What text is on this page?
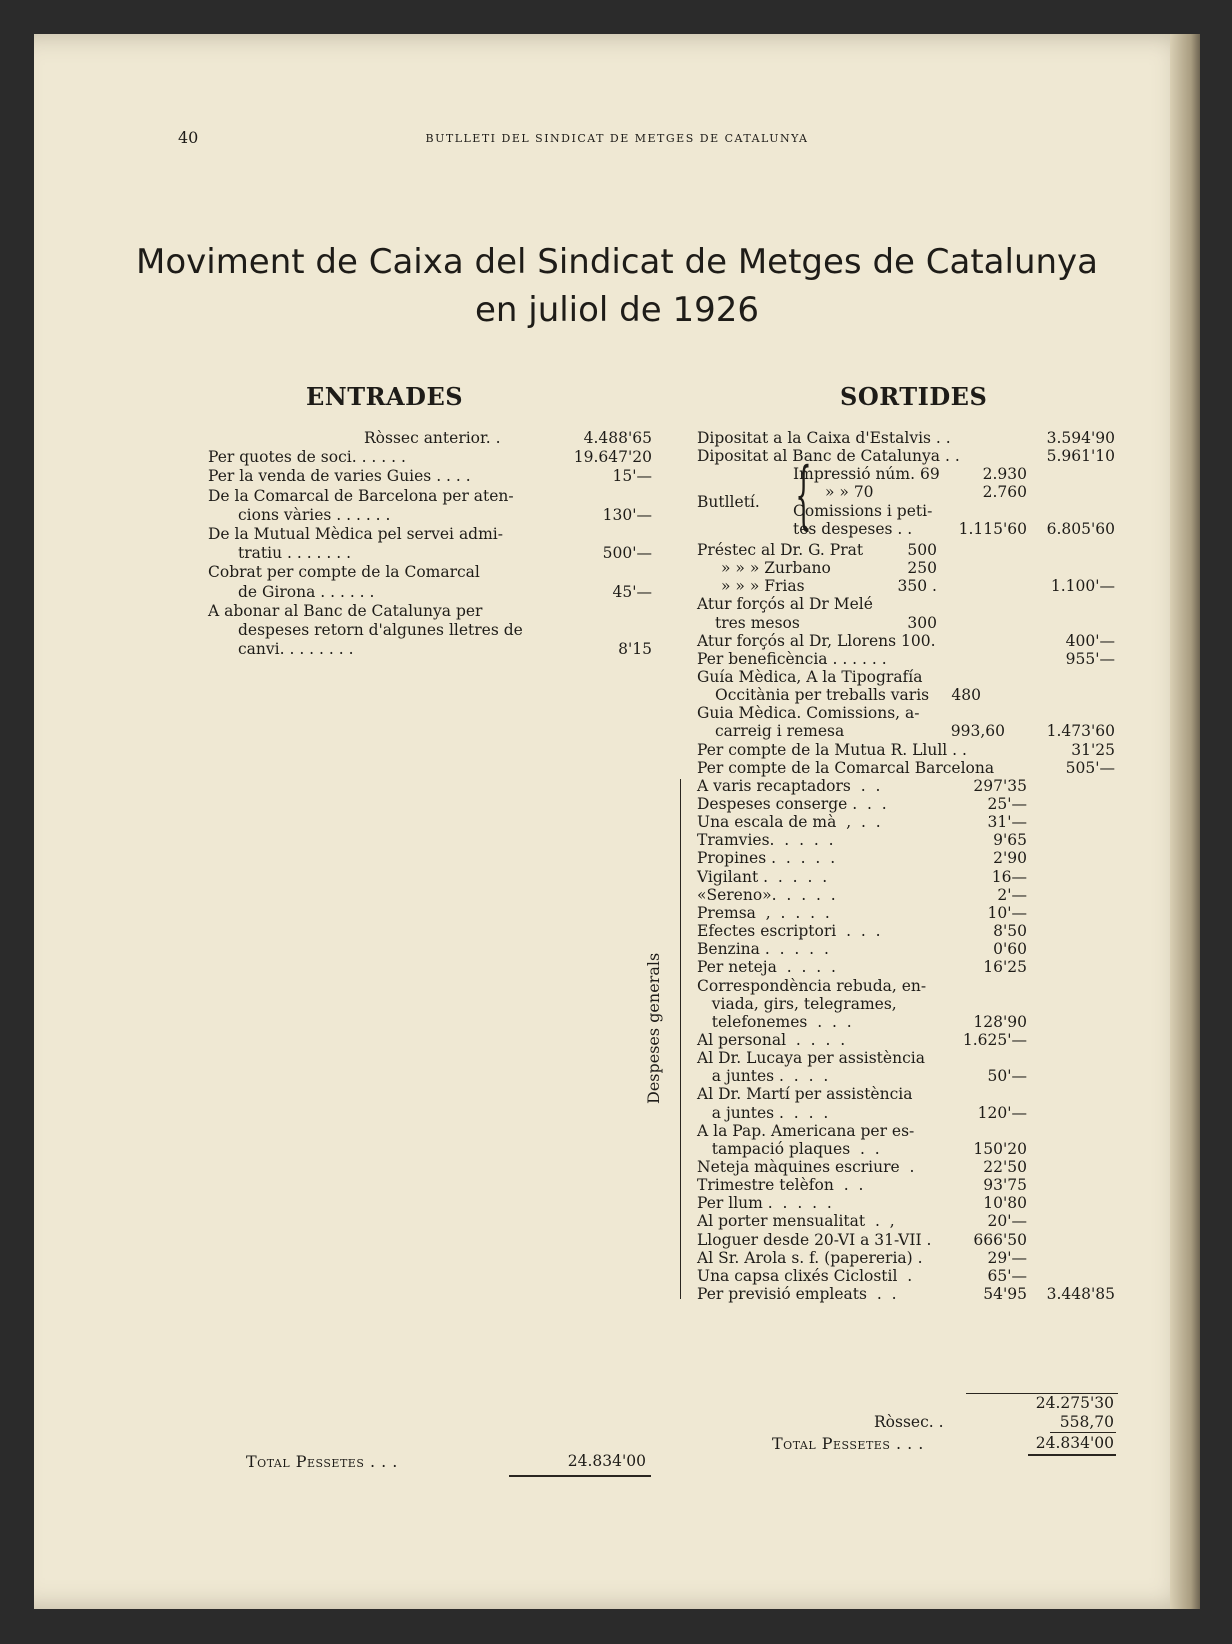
40	BUTLLETI DEL SINDICAT DE METGES DE CATALUNYA
Moviment de Caixa del Sindicat de Metges de Catalunya
en juliol de 1926
ENTRADES
Ròssec anterior. .	4.488'65
Per quotes de soci. . . . . .	19.647'20
Per la venda de varies Guies . . . .	15'—
De la Comarcal de Barcelona per aten-
cions vàries . . . . . .	130'—
De la Mutual Mèdica pel servei admi-
tratiu . . . . . . .	500'—
Cobrat per compte de la Comarcal
de Girona . . . . . .	45'—
A abonar al Banc de Catalunya per
despeses retorn d'algunes lletres de
canvi. . . . . . . .	8'15
Total Pessetes . . .	24.834'00
SORTIDES
Dipositat a la Caixa d'Estalvis . .	3.594'90
Dipositat al Banc de Catalunya . .	5.961'10
Impressió núm. 69	2.930
» » 70	2.760
Comissions i peti-
tes despeses . .	1.115'60 6.805'60
Butlletí.
Préstec al Dr. G. Prat	500
» » » Zurbano	250
» » » Frias	350 .	1.100'—
Atur forçós al Dr Melé
tres mesos	300
Atur forçós al Dr, Llorens 100.	400'—
Per beneficència . . . . . .	955'—
Guía Mèdica, A la Tipografía
Occitània per treballs varis 480
Guia Mèdica. Comissions, a-
carreig i remesa	993,60	1.473'60
Per compte de la Mutua R. Llull . .	31'25
Per compte de la Comarcal Barcelona	505'—
A varis recaptadors  .  .	297'35
Despeses conserge .  .  .	25'—
Una escala de mà  ,  .  .	31'—
Tramvies.  .  .  .  .	9'65
Propines .  .  .  .  .	2'90
Vigilant .  .  .  .  .	16—
«Sereno».  .  .  .  .	2'—
Premsa  ,  .  .  .  .	10'—
Efectes escriptori  .  .  .	8'50
Benzina .  .  .  .  .	0'60
Per neteja  .  .  .  .	16'25
Correspondència rebuda, en-
viada, girs, telegrames,
telefonemes  .  .  .	128'90
Al personal  .  .  .  .	1.625'—
Al Dr. Lucaya per assistència
a juntes .  .  .  .	50'—
Al Dr. Martí per assistència
a juntes .  .  .  .	120'—
A la Pap. Americana per es-
tampació plaques  .  .	150'20
Neteja màquines escriure  .	22'50
Trimestre telèfon  .  .	93'75
Per llum .  .  .  .  .	10'80
Al porter mensualitat  .  ,	20'—
Lloguer desde 20-VI a 31-VII .	666'50
Al Sr. Arola s. f. (papereria) .	29'—
Una capsa clixés Ciclostil  .	65'—
Per previsió empleats  .  .	54'95 3.448'85
{
Despeses generals
24.275'30
Ròssec. .	558,70
Total Pessetes . . .	24.834'00
